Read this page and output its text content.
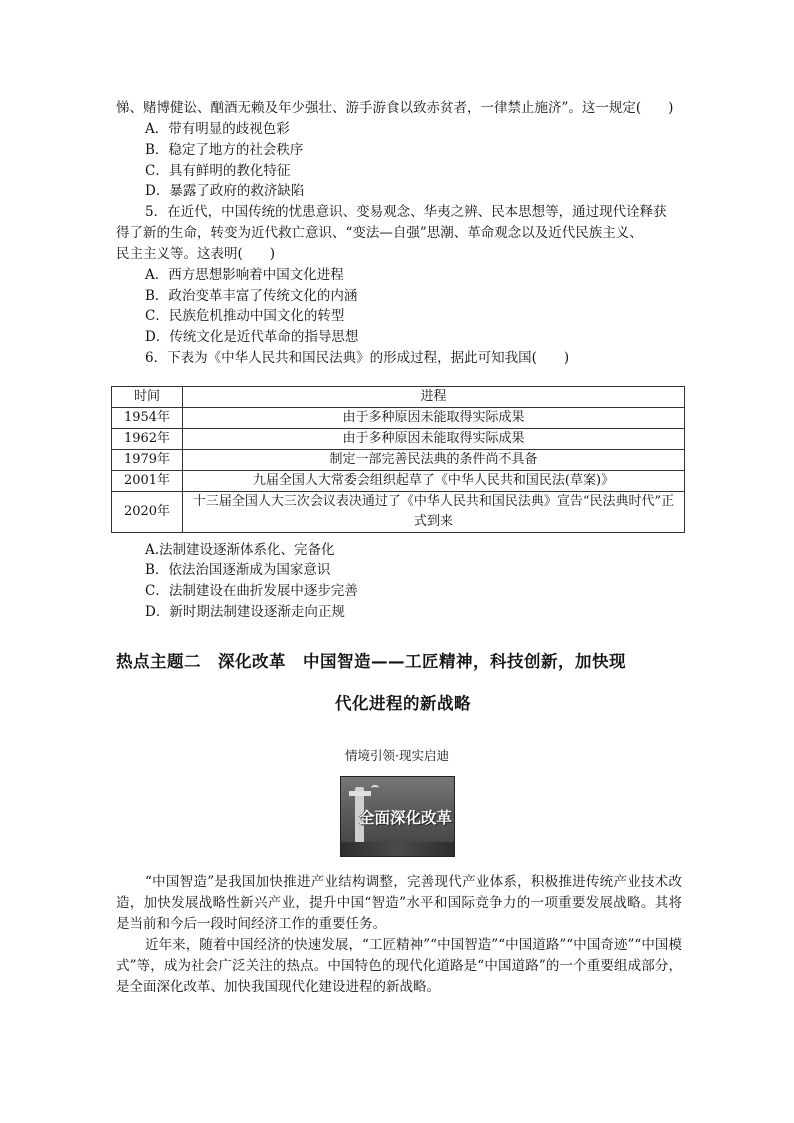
悌、赌博健讼、酗酒无赖及年少强壮、游手游食以致赤贫者，一律禁止施济”。这一规定(　　)
A．带有明显的歧视色彩
B．稳定了地方的社会秩序
C．具有鲜明的教化特征
D．暴露了政府的救济缺陷
5．在近代，中国传统的忧患意识、变易观念、华夷之辨、民本思想等，通过现代诠释获
得了新的生命，转变为近代救亡意识、“变法—自强”思潮、革命观念以及近代民族主义、
民主主义等。这表明(　　)
A．西方思想影响着中国文化进程
B．政治变革丰富了传统文化的内涵
C．民族危机推动中国文化的转型
D．传统文化是近代革命的指导思想
6．下表为《中华人民共和国民法典》的形成过程，据此可知我国(　　)
时间	进程
1954年	由于多种原因未能取得实际成果
1962年	由于多种原因未能取得实际成果
1979年	制定一部完善民法典的条件尚不具备
2001年	九届全国人大常委会组织起草了《中华人民共和国民法(草案)》
2020年	十三届全国人大三次会议表决通过了《中华人民共和国民法典》宣告“民法典时代”正式到来
A.法制建设逐渐体系化、完备化
B．依法治国逐渐成为国家意识
C．法制建设在曲折发展中逐步完善
D．新时期法制建设逐渐走向正规
热点主题二　深化改革　中国智造——工匠精神，科技创新，加快现
代化进程的新战略
情境引领·现实启迪
全面深化改革
“中国智造”是我国加快推进产业结构调整，完善现代产业体系，积极推进传统产业技术改造，加快发展战略性新兴产业，提升中国“智造”水平和国际竞争力的一项重要发展战略。其将是当前和今后一段时间经济工作的重要任务。
近年来，随着中国经济的快速发展，“工匠精神”“中国智造”“中国道路”“中国奇迹”“中国模式”等，成为社会广泛关注的热点。中国特色的现代化道路是“中国道路”的一个重要组成部分，是全面深化改革、加快我国现代化建设进程的新战略。
